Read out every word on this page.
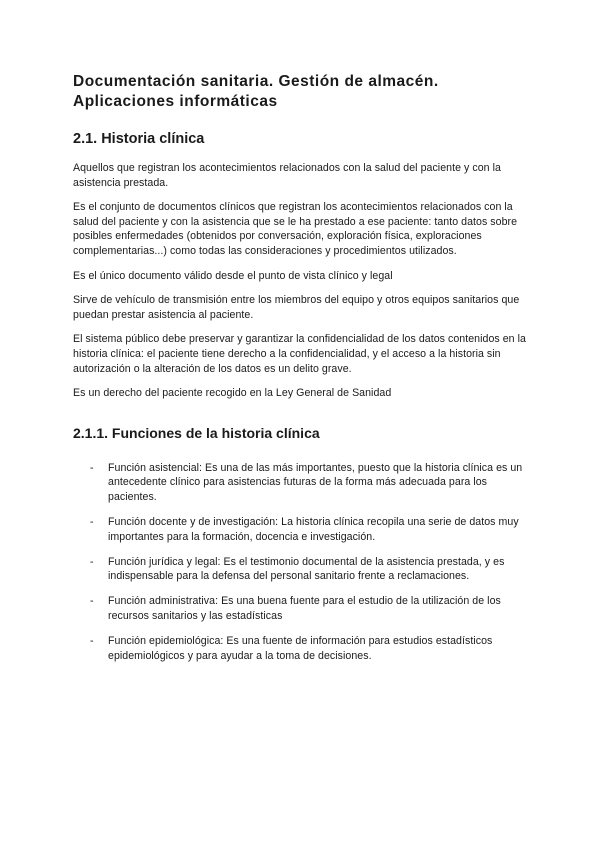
Documentación sanitaria. Gestión de almacén. Aplicaciones informáticas
2.1. Historia clínica

Aquellos que registran los acontecimientos relacionados con la salud del paciente y con la asistencia prestada.

Es el conjunto de documentos clínicos que registran los acontecimientos relacionados con la salud del paciente y con la asistencia que se le ha prestado a ese paciente: tanto datos sobre posibles enfermedades (obtenidos por conversación, exploración física, exploraciones complementarias...) como todas las consideraciones y procedimientos utilizados.

Es el único documento válido desde el punto de vista clínico y legal

Sirve de vehículo de transmisión entre los miembros del equipo y otros equipos sanitarios que puedan prestar asistencia al paciente.

El sistema público debe preservar y garantizar la confidencialidad de los datos contenidos en la historia clínica: el paciente tiene derecho a la confidencialidad, y el acceso a la historia sin autorización o la alteración de los datos es un delito grave.

Es un derecho del paciente recogido en la Ley General de Sanidad

2.1.1. Funciones de la historia clínica
- Función asistencial: Es una de las más importantes, puesto que la historia clínica es un antecedente clínico para asistencias futuras de la forma más adecuada para los pacientes.
- Función docente y de investigación: La historia clínica recopila una serie de datos muy importantes para la formación, docencia e investigación.
- Función jurídica y legal: Es el testimonio documental de la asistencia prestada, y es indispensable para la defensa del personal sanitario frente a reclamaciones.
- Función administrativa: Es una buena fuente para el estudio de la utilización de los recursos sanitarios y las estadísticas
- Función epidemiológica: Es una fuente de información para estudios estadísticos epidemiológicos y para ayudar a la toma de decisiones.
